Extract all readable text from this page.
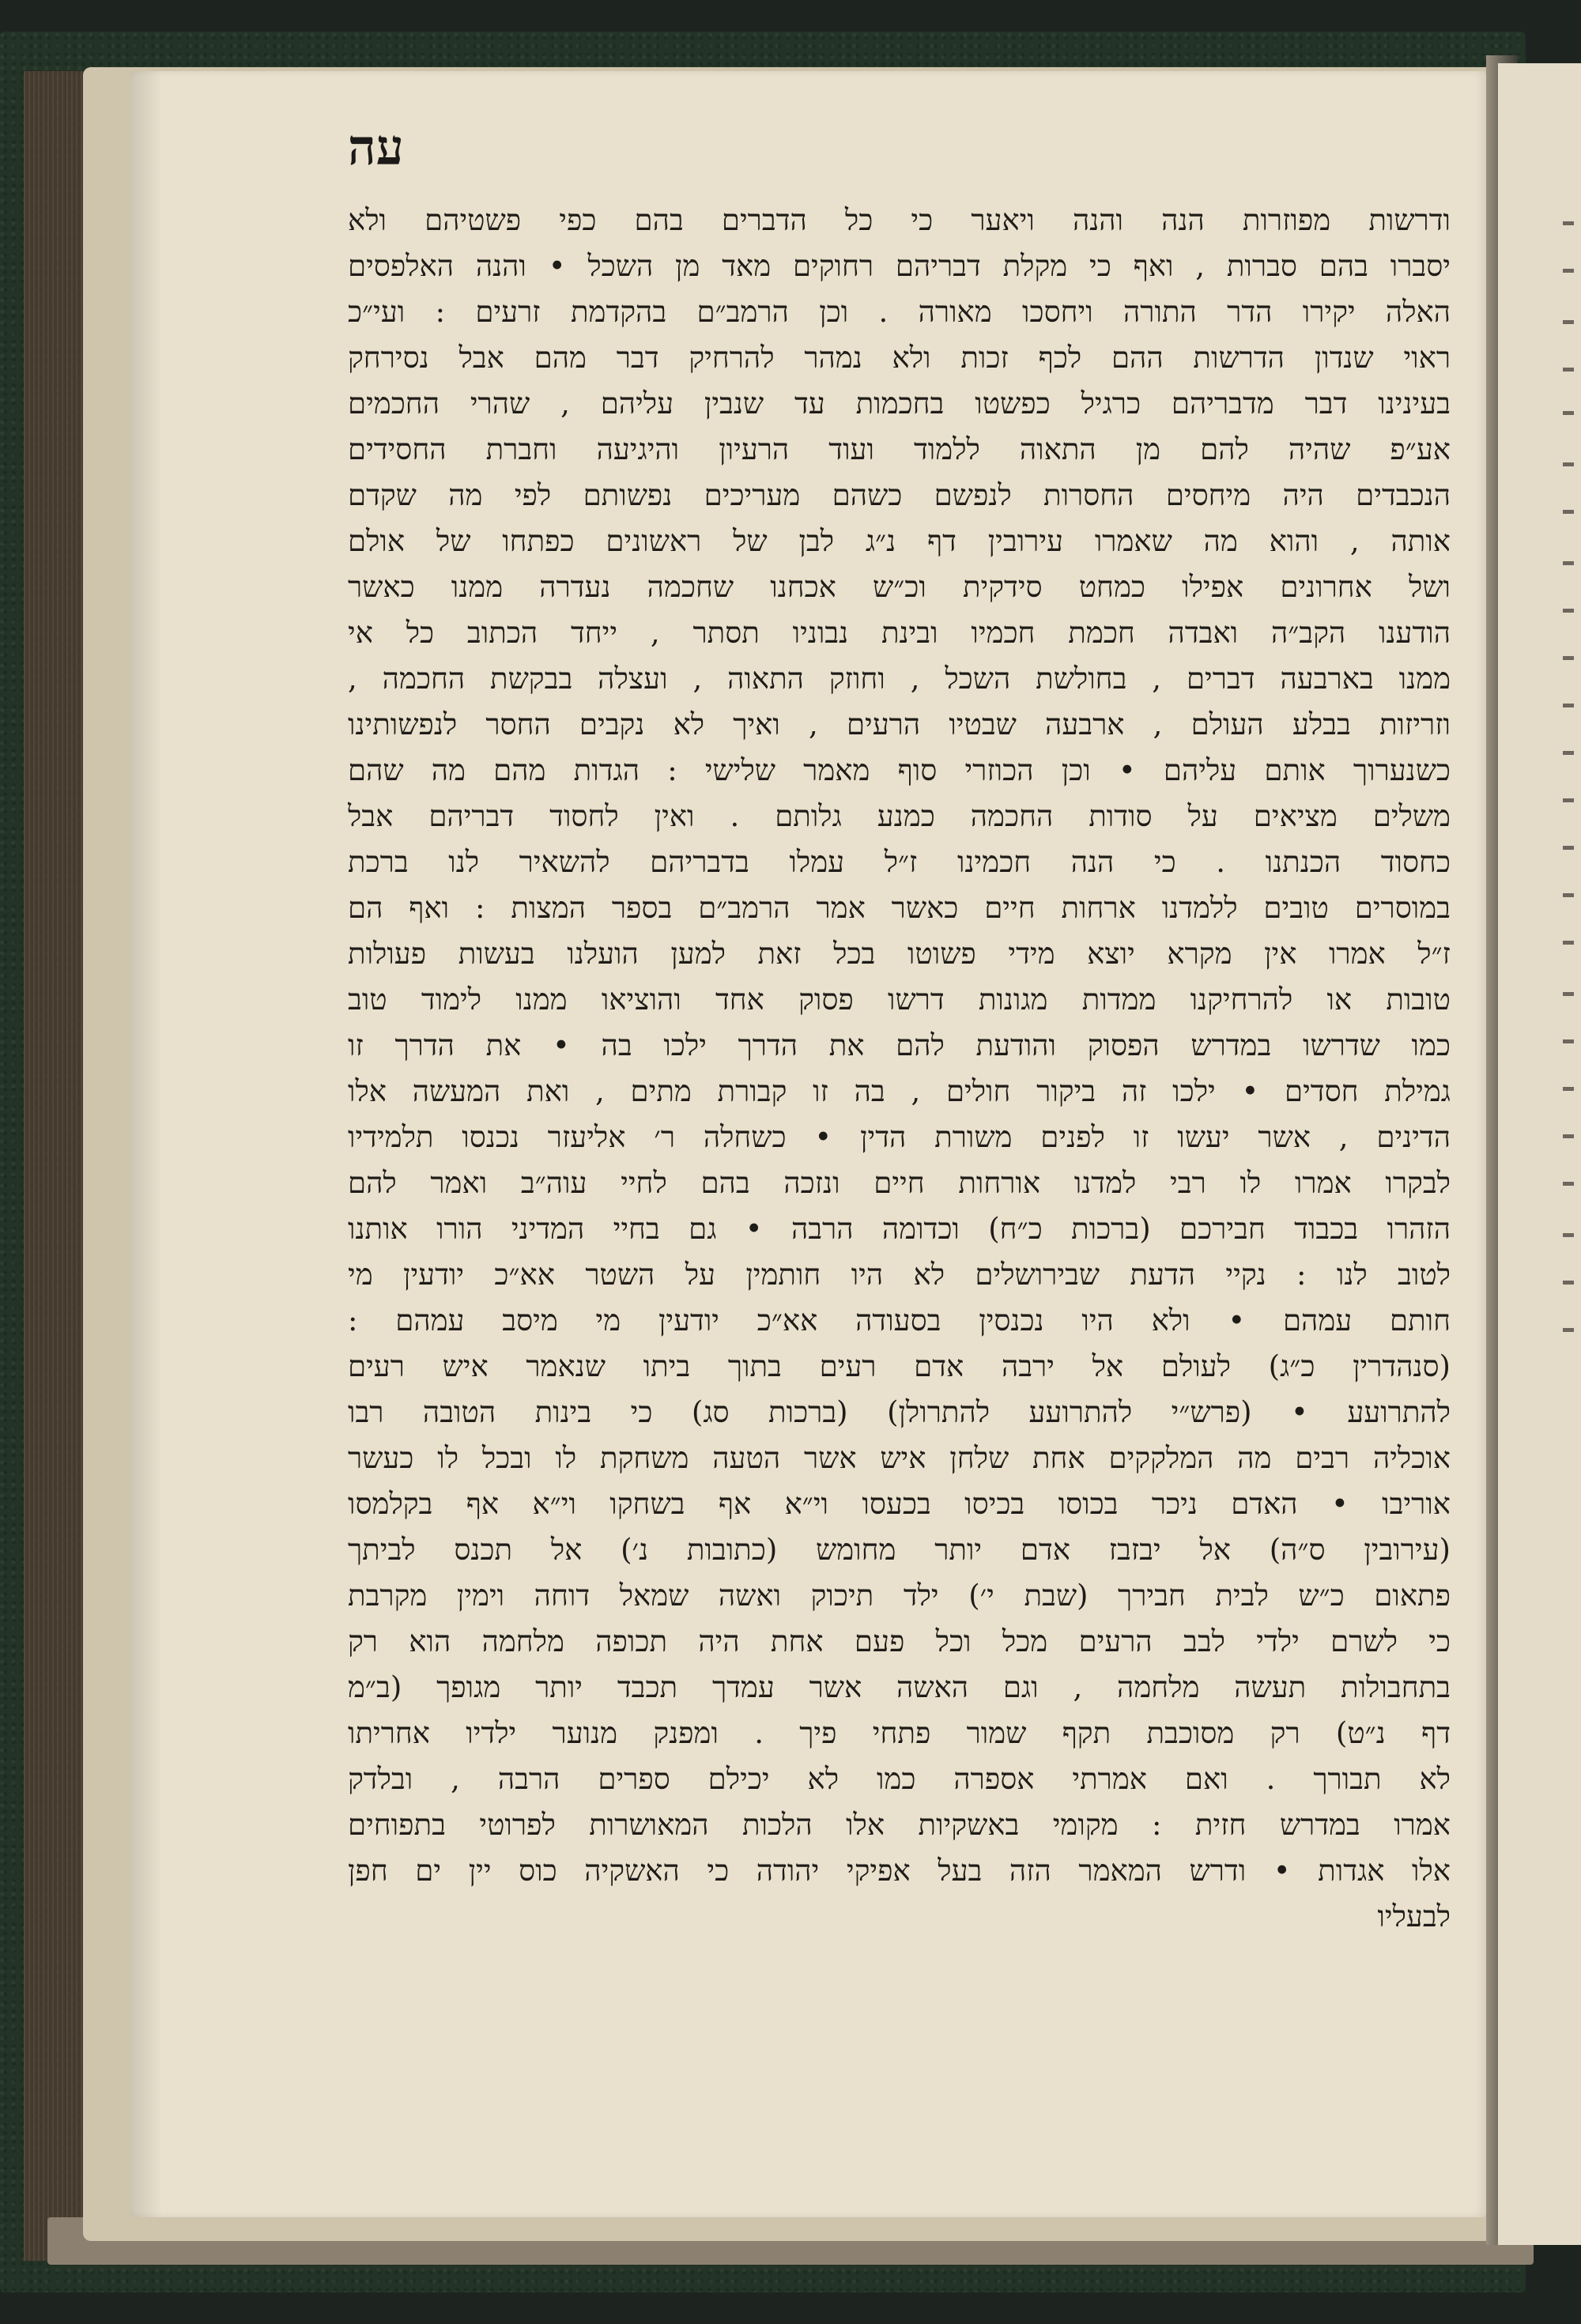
עה
ודרשות מפוזרות הנה והנה ויאער כי כל הדברים בהם כפי פשטיהם ולא
יסברו בהם סברות , ואף כי מקלת דבריהם רחוקים מאד מן השכל • והנה האלפסים
האלה יקירו הדר התורה ויחסכו מאורה . וכן הרמב״ם בהקדמת זרעים : ועי״כ
ראוי שנדון הדרשות ההם לכף זכות ולא נמהר להרחיק דבר מהם אבל נסירחק
בעינינו דבר מדבריהם כרגיל כפשטו בחכמות עד שנבין עליהם , שהרי החכמים
אע״פ שהיה להם מן התאוה ללמוד ועוד הרעיון והיגיעה וחברת החסידים
הנכבדים היה מיחסים החסרות לנפשם כשהם מעריכים נפשותם לפי מה שקדם
אותה , והוא מה שאמרו עירובין דף נ״ג לבן של ראשונים כפתחו של אולם
ושל אחרונים אפילו כמחט סידקית וכ״ש אכחנו שחכמה נעדרה ממנו כאשר
הודענו הקב״ה ואבדה חכמת חכמיו ובינת נבוניו תסתר , ייחד הכתוב כל אי
ממנו בארבעה דברים , בחולשת השכל , וחוזק התאוה , ועצלה בבקשת החכמה ,
וזריזות בבלע העולם , ארבעה שבטיו הרעים , ואיך לא נקבים החסר לנפשותינו
כשנערוך אותם עליהם • וכן הכוזרי סוף מאמר שלישי : הגדות מהם מה שהם
משלים מציאים על סודות החכמה כמנע גלותם . ואין לחסוד דבריהם אבל
כחסוד הכנתנו . כי הנה חכמינו ז״ל עמלו בדבריהם להשאיר לנו ברכת
במוסרים טובים ללמדנו ארחות חיים כאשר אמר הרמב״ם בספר המצות : ואף הם
ז״ל אמרו אין מקרא יוצא מידי פשוטו בכל זאת למען הועלנו בעשות פעולות
טובות או להרחיקנו ממדות מגונות דרשו פסוק אחד והוציאו ממנו לימוד טוב
כמו שדרשו במדרש הפסוק והודעת להם את הדרך ילכו בה • את הדרך זו
גמילת חסדים • ילכו זה ביקור חולים , בה זו קבורת מתים , ואת המעשה אלו
הדינים , אשר יעשו זו לפנים משורת הדין • כשחלה ר׳ אליעזר נכנסו תלמידיו
לבקרו אמרו לו רבי למדנו אורחות חיים ונזכה בהם לחיי עוה״ב ואמר להם
הזהרו בכבוד חבירכם (ברכות כ״ח) וכדומה הרבה • גם בחיי המדיני הורו אותנו
לטוב לנו : נקיי הדעת שבירושלים לא היו חותמין על השטר אא״כ יודעין מי
חותם עמהם • ולא היו נכנסין בסעודה אא״כ יודעין מי מיסב עמהם :
(סנהדרין כ״ג) לעולם אל ירבה אדם רעים בתוך ביתו שנאמר איש רעים
להתרועע • (פרש״י להתרועע להתרולן) (ברכות סג) כי בינות הטובה רבו
אוכליה רבים מה המלקקים אחת שלחן איש אשר הטעה משחקת לו ובכל לו כעשר
אוריבו • האדם ניכר בכוסו בכיסו בכעסו וי״א אף בשחקו וי״א אף בקלמסו
(עירובין ס״ה) אל יבזבז אדם יותר מחומש (כתובות נ׳) אל תכנס לביתך
פתאום כ״ש לבית חבירך (שבת י׳) ילד תיכוק ואשה שמאל דוחה וימין מקרבת
כי לשרם ילדי לבב הרעים מכל וכל פעם אחת היה תכופה מלחמה הוא רק
בתחבולות תעשה מלחמה , וגם האשה אשר עמדך תכבד יותר מגופך (ב״מ
דף נ״ט) רק מסוכבת תקף שמור פתחי פיך . ומפנק מנוער ילדיו אחריתו
לא תבורך . ואם אמרתי אספרה כמו לא יכילם ספרים הרבה , ובלדק
אמרו במדרש חזית : מקומי באשקיות אלו הלכות המאושרות לפרוטי בתפוחים
אלו אגדות • ודרש המאמר הזה בעל אפיקי יהודה כי האשקיה כוס יין ים חפן
לבעליו
